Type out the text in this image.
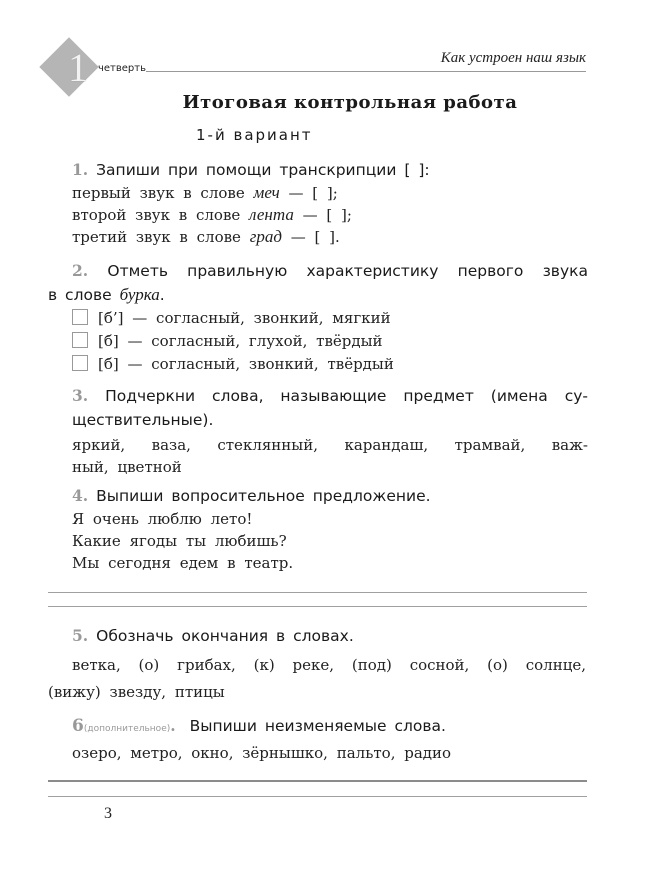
1	четверть
Как устроен наш язык
Итоговая контрольная работа
1-й вариант
1. Запиши при помощи транскрипции [ ]:
первый звук в слове меч — [ ];
второй звук в слове лента — [ ];
третий звук в слове град — [ ].
2. Отметь правильную характеристику первого звука
в слове бурка.
[б’] — согласный, звонкий, мягкий
[б] — согласный, глухой, твёрдый
[б] — согласный, звонкий, твёрдый
3. Подчеркни слова, называющие предмет (имена су-
ществительные).
яркий, ваза, стеклянный, карандаш, трамвай, важ-
ный, цветной
4. Выпиши вопросительное предложение.
Я очень люблю лето!
Какие ягоды ты любишь?
Мы сегодня едем в театр.
5. Обозначь окончания в словах.
ветка, (о) грибах, (к) реке, (под) сосной, (о) солнце,
(вижу) звезду, птицы
6(дополнительное). Выпиши неизменяемые слова.
озеро, метро, окно, зёрнышко, пальто, радио
3
